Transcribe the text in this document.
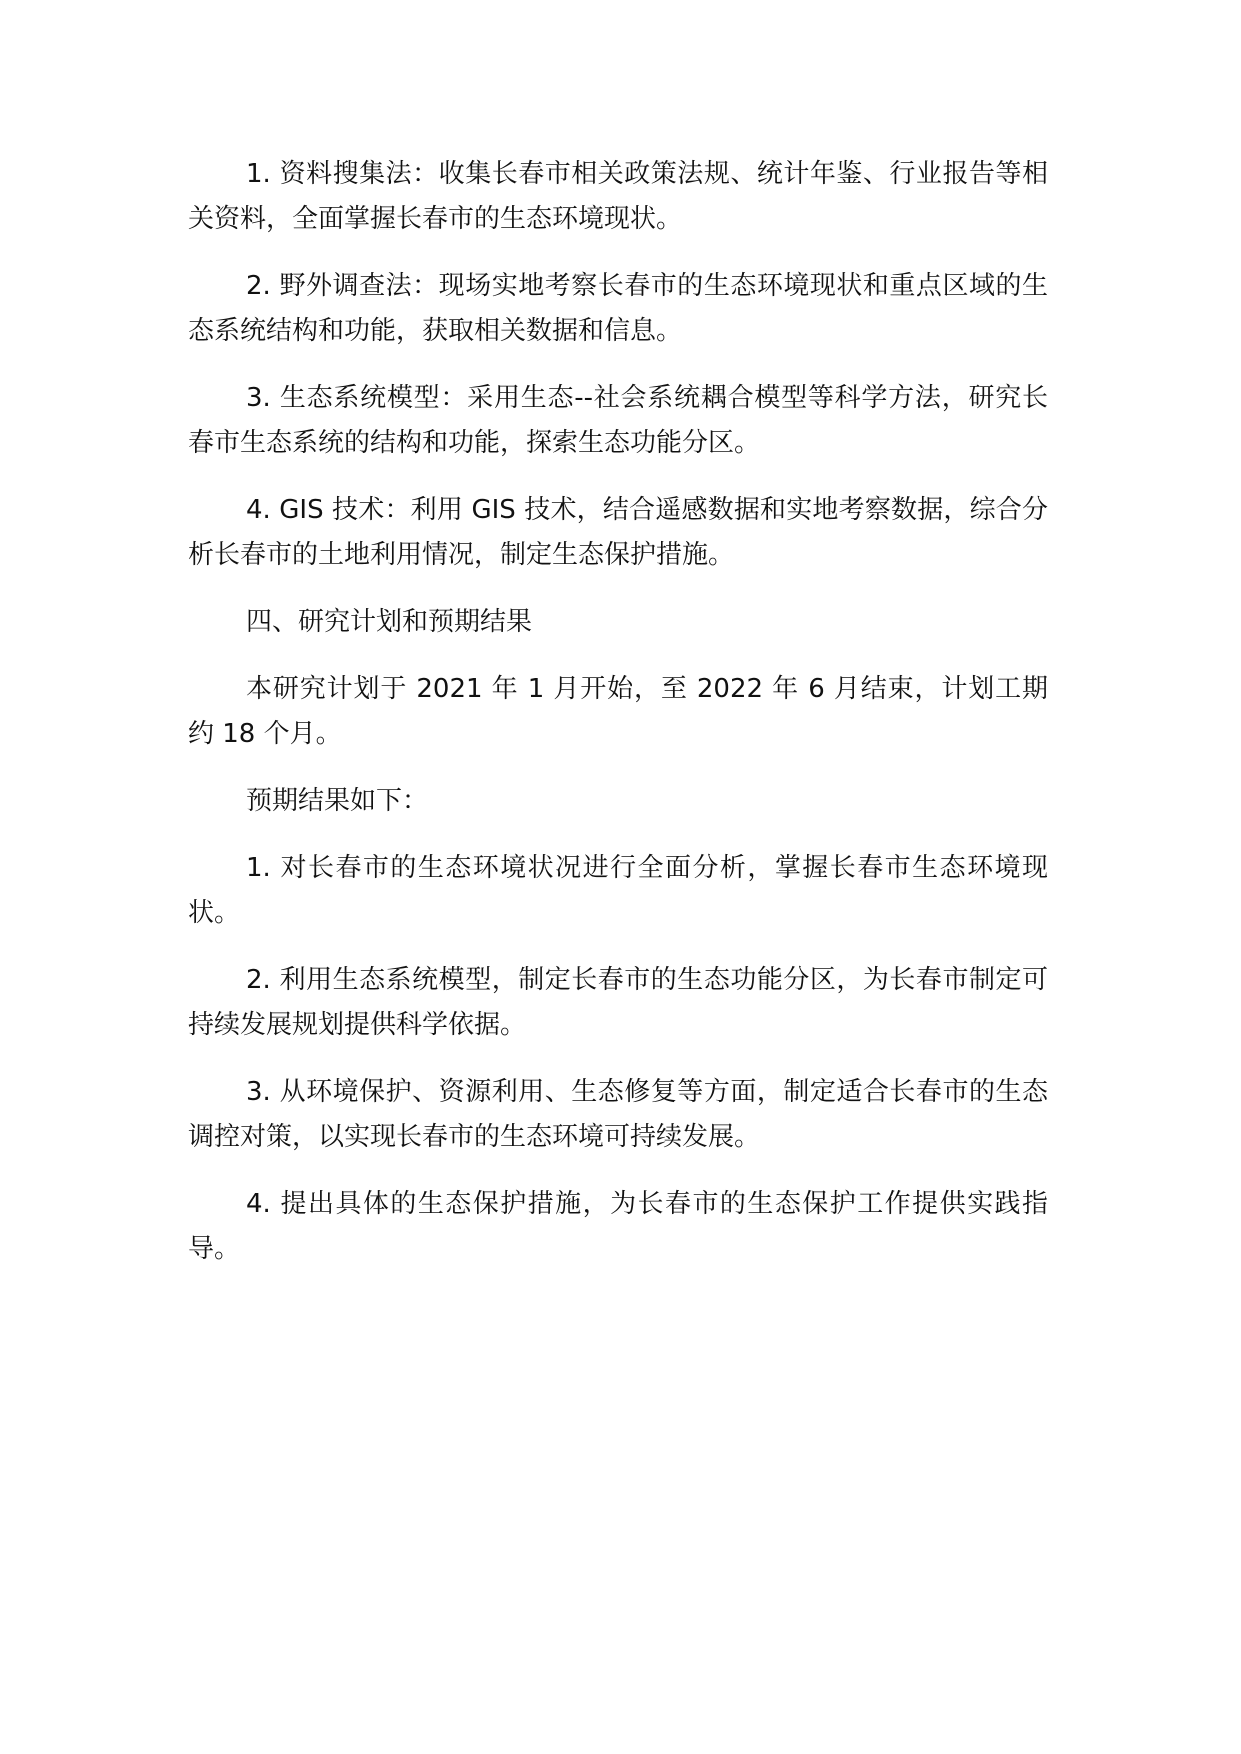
1. 资料搜集法：收集长春市相关政策法规、统计年鉴、行业报告等相关资料，全面掌握长春市的生态环境现状。

2. 野外调查法：现场实地考察长春市的生态环境现状和重点区域的生态系统结构和功能，获取相关数据和信息。

3. 生态系统模型：采用生态--社会系统耦合模型等科学方法，研究长春市生态系统的结构和功能，探索生态功能分区。

4. GIS 技术：利用 GIS 技术，结合遥感数据和实地考察数据，综合分析长春市的土地利用情况，制定生态保护措施。

四、研究计划和预期结果

本研究计划于 2021 年 1 月开始，至 2022 年 6 月结束，计划工期约 18 个月。

预期结果如下：

1. 对长春市的生态环境状况进行全面分析，掌握长春市生态环境现状。

2. 利用生态系统模型，制定长春市的生态功能分区，为长春市制定可持续发展规划提供科学依据。

3. 从环境保护、资源利用、生态修复等方面，制定适合长春市的生态调控对策，以实现长春市的生态环境可持续发展。

4. 提出具体的生态保护措施，为长春市的生态保护工作提供实践指导。
